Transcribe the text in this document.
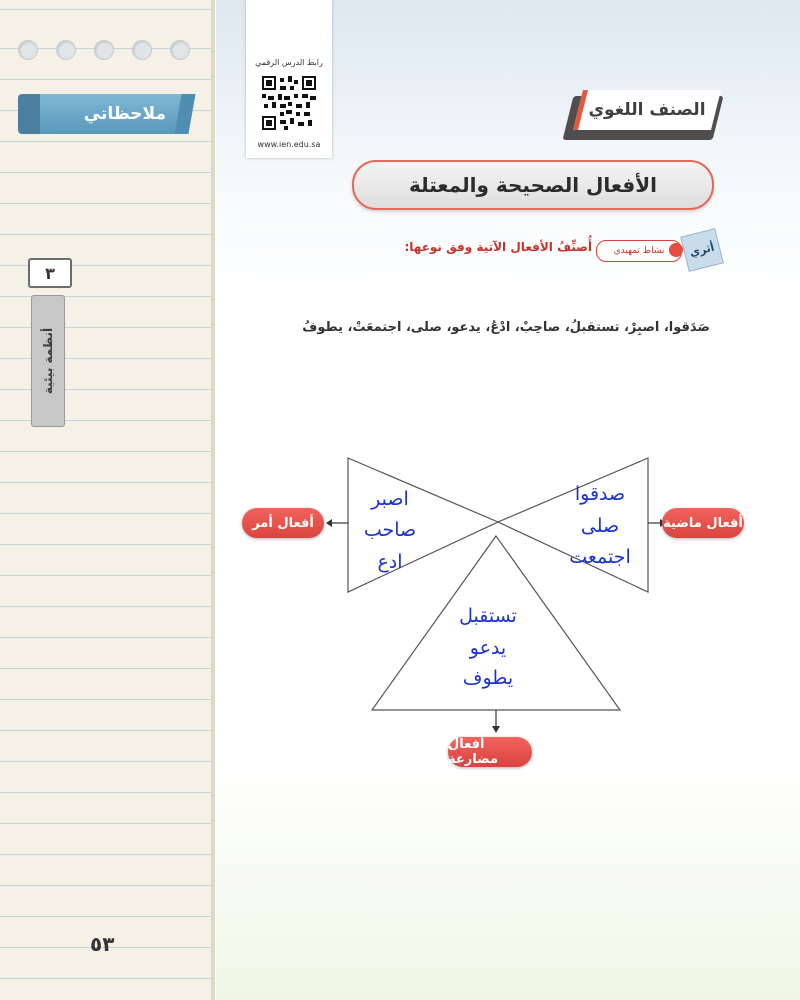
ملاحظاتي
٣
أنظمة بيئية
٥٣
رابط الدرس الرقمي
www.ien.edu.sa
الصنف اللغوي
الأفعال الصحيحة والمعتلة
أثري
نشاط تمهيدي
أُصنِّفُ الأفعال الآتية وفق نوعها:
صَدَقوا، اصبِرْ، تستقبلُ، صاحِبْ، ادْعُ، يدعو، صلى، اجتمعَتْ، يطوفُ
اصبر
صاحب
ادع
صدقوا
صلى
اجتمعت
تستقبل
يدعو
يطوف
أفعال ماضية
أفعال أمر
أفعال مضارعة
